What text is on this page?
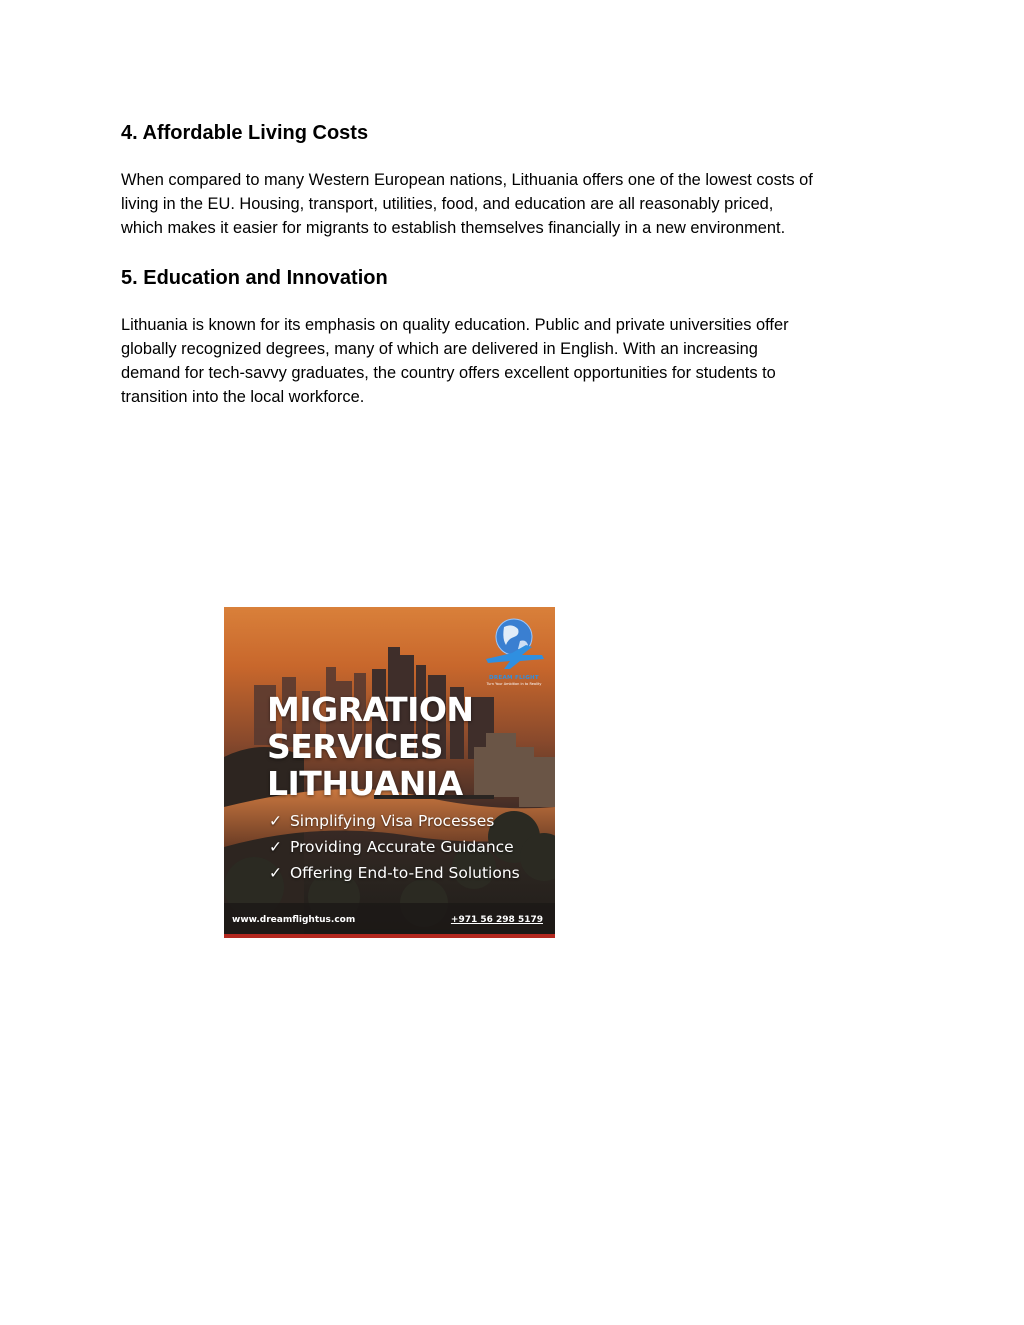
4. Affordable Living Costs

When compared to many Western European nations, Lithuania offers one of the lowest costs of
living in the EU. Housing, transport, utilities, food, and education are all reasonably priced,
which makes it easier for migrants to establish themselves financially in a new environment.

5. Education and Innovation

Lithuania is known for its emphasis on quality education. Public and private universities offer
globally recognized degrees, many of which are delivered in English. With an increasing
demand for tech-savvy graduates, the country offers excellent opportunities for students to
transition into the local workforce.

DREAM FLIGHT
Turn Your Ambition in to Reality
MIGRATION
SERVICES
LITHUANIA
✓ Simplifying Visa Processes
✓ Providing Accurate Guidance
✓ Offering End-to-End Solutions
www.dreamflightus.com	+971 56 298 5179
